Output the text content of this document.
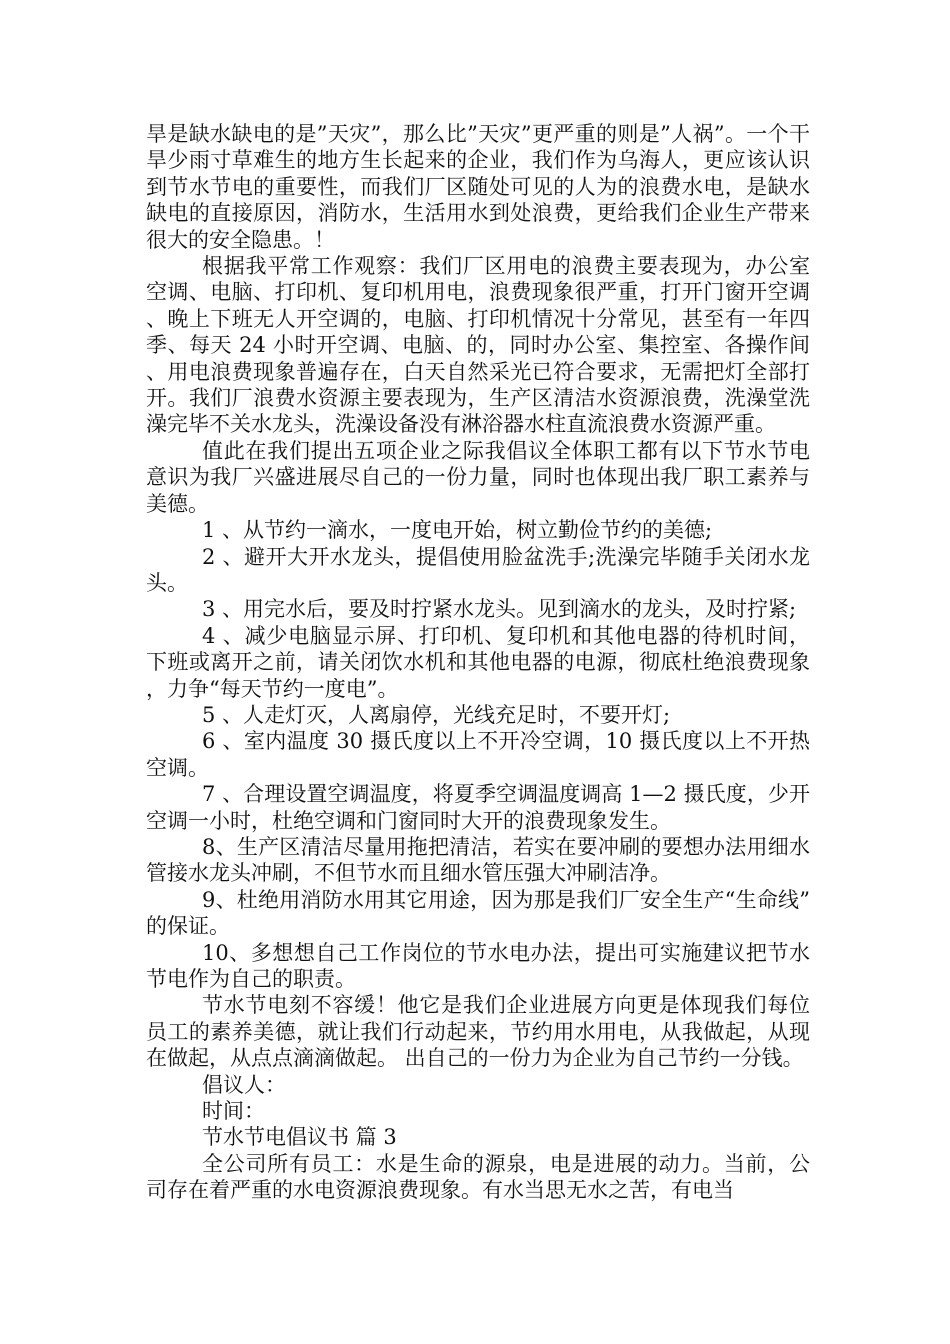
旱是缺水缺电的是”天灾”，那么比”天灾”更严重的则是”人祸”。一个干旱少雨寸草难生的地方生长起来的企业，我们作为乌海人，更应该认识到节水节电的重要性，而我们厂区随处可见的人为的浪费水电，是缺水缺电的直接原因，消防水，生活用水到处浪费，更给我们企业生产带来很大的安全隐患。！

根据我平常工作观察：我们厂区用电的浪费主要表现为，办公室空调、电脑、打印机、复印机用电，浪费现象很严重，打开门窗开空调、晚上下班无人开空调的，电脑、打印机情况十分常见，甚至有一年四季、每天 24 小时开空调、电脑、的，同时办公室、集控室、各操作间、用电浪费现象普遍存在，白天自然采光已符合要求，无需把灯全部打开。我们厂浪费水资源主要表现为，生产区清洁水资源浪费，洗澡堂洗澡完毕不关水龙头，洗澡设备没有淋浴器水柱直流浪费水资源严重。

值此在我们提出五项企业之际我倡议全体职工都有以下节水节电意识为我厂兴盛进展尽自己的一份力量，同时也体现出我厂职工素养与美德。

1 、从节约一滴水，一度电开始，树立勤俭节约的美德;

2 、避开大开水龙头，提倡使用脸盆洗手;洗澡完毕随手关闭水龙头。

3 、用完水后，要及时拧紧水龙头。见到滴水的龙头，及时拧紧;

4 、减少电脑显示屏、打印机、复印机和其他电器的待机时间，下班或离开之前，请关闭饮水机和其他电器的电源，彻底杜绝浪费现象，力争“每天节约一度电”。

5 、人走灯灭，人离扇停，光线充足时，不要开灯;

6 、室内温度 30 摄氏度以上不开冷空调，10 摄氏度以上不开热空调。

7 、合理设置空调温度，将夏季空调温度调高 1—2 摄氏度，少开空调一小时，杜绝空调和门窗同时大开的浪费现象发生。

8、生产区清洁尽量用拖把清洁，若实在要冲刷的要想办法用细水管接水龙头冲刷，不但节水而且细水管压强大冲刷洁净。

9、杜绝用消防水用其它用途，因为那是我们厂安全生产“生命线”的保证。

10、多想想自己工作岗位的节水电办法，提出可实施建议把节水节电作为自己的职责。

节水节电刻不容缓！他它是我们企业进展方向更是体现我们每位员工的素养美德，就让我们行动起来，节约用水用电，从我做起，从现在做起，从点点滴滴做起。 出自己的一份力为企业为自己节约一分钱。

倡议人：

时间：

节水节电倡议书 篇 3

全公司所有员工：水是生命的源泉，电是进展的动力。当前，公司存在着严重的水电资源浪费现象。有水当思无水之苦，有电当
